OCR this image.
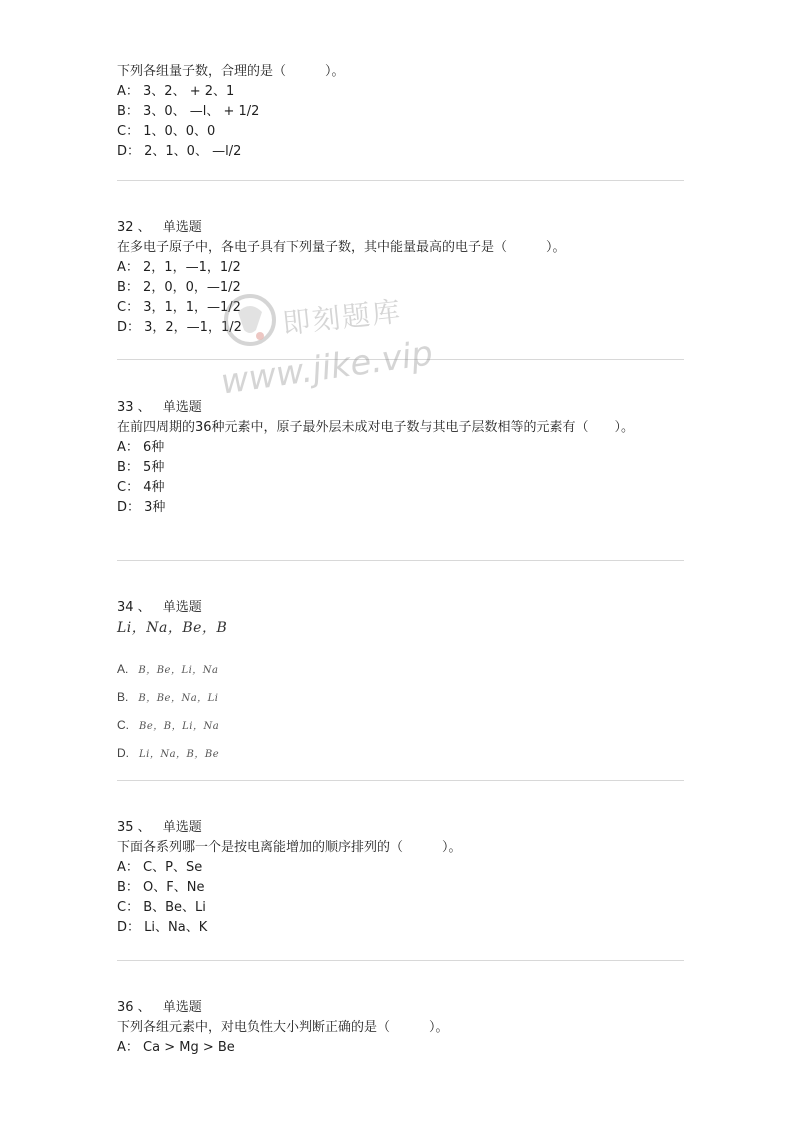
下列各组量子数，合理的是（　　　）。
A： 3、2、 + 2、1
B： 3、0、 —l、 + 1/2
C： 1、0、0、0
D： 2、1、0、 —l/2
32 、 单选题
在多电子原子中，各电子具有下列量子数，其中能量最高的电子是（　　　）。
A： 2，1，—1，1/2
B： 2，0，0，—1/2
C： 3，1，1，—1/2
D： 3，2，—1，1/2
33 、 单选题
在前四周期的36种元素中，原子最外层未成对电子数与其电子层数相等的元素有（　　）。
A： 6种
B： 5种
C： 4种
D： 3种
34 、 单选题
Li，Na，Be，B
A. B，Be，Li，Na
B. B，Be，Na，Li
C. Be，B，Li，Na
D. Li，Na，B，Be
35 、 单选题
下面各系列哪一个是按电离能增加的顺序排列的（　　　）。
A： C、P、Se
B： O、F、Ne
C： B、Be、Li
D： Li、Na、K
36 、 单选题
下列各组元素中，对电负性大小判断正确的是（　　　）。
A： Ca > Mg > Be
即刻题库
www.jike.vip
